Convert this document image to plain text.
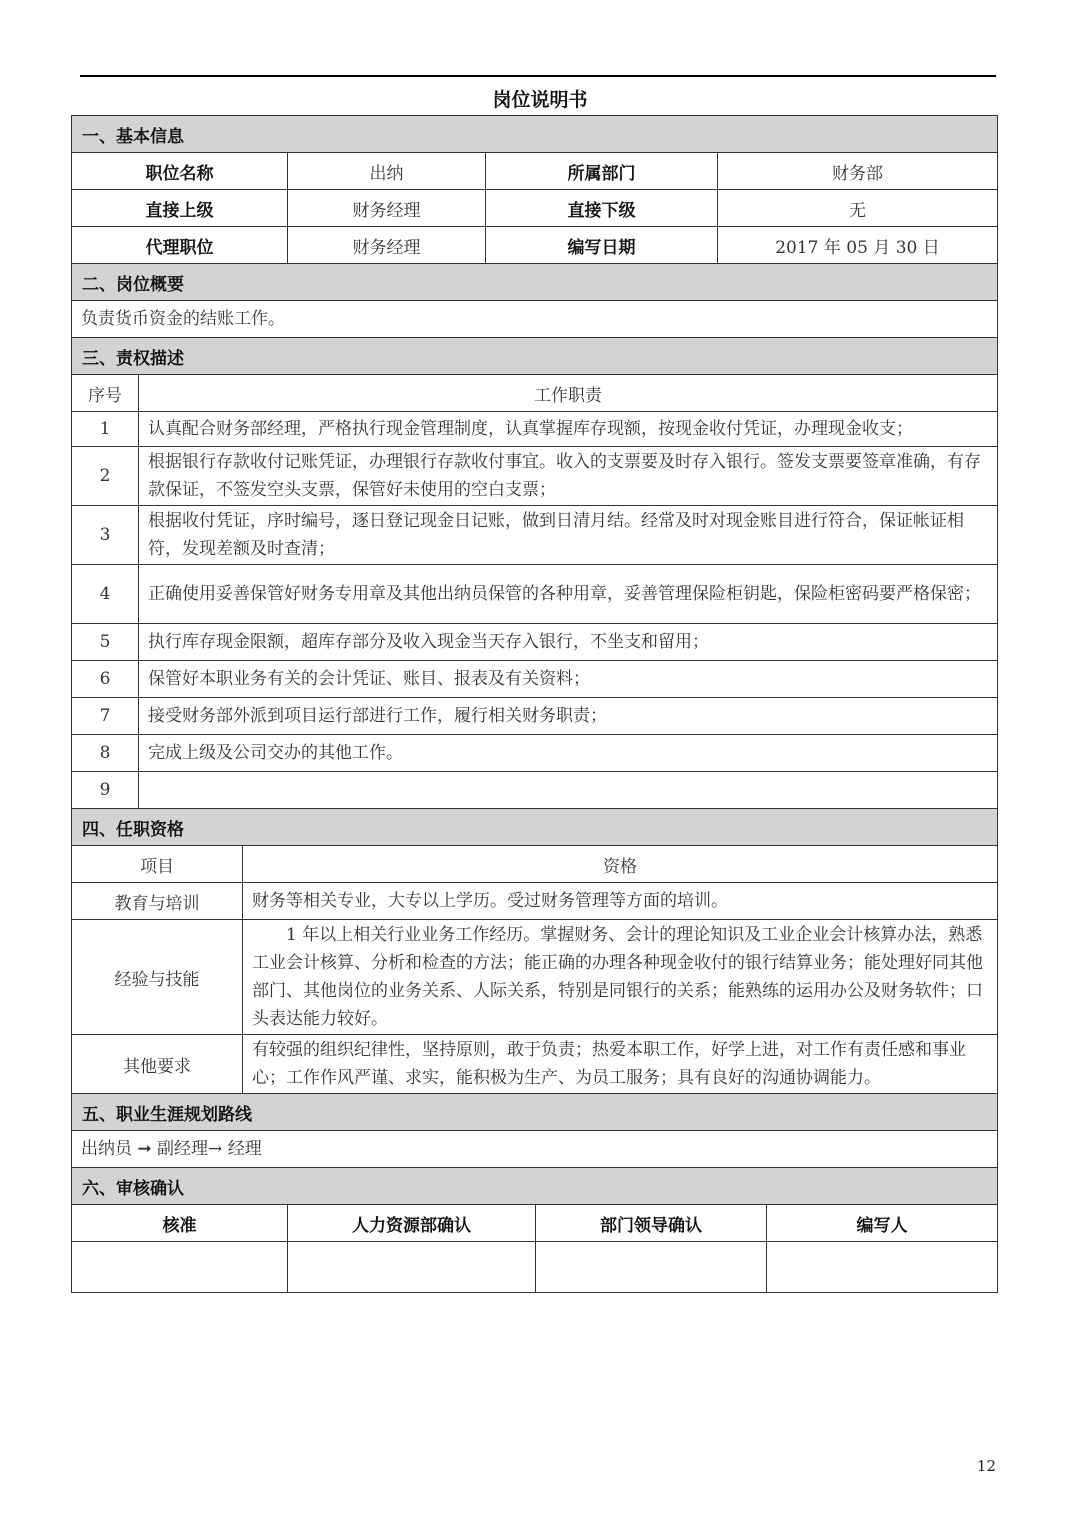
岗位说明书
一、基本信息							
职位名称			出纳	所属部门		财务部	
直接上级			财务经理	直接下级		无	
代理职位			财务经理	编写日期		2017 年 05 月 30 日	
二、岗位概要							
负责货币资金的结账工作。							
三、责权描述							
序号	工作职责						
1	认真配合财务部经理，严格执行现金管理制度，认真掌握库存现额，按现金收付凭证，办理现金收支；						
2	根据银行存款收付记账凭证，办理银行存款收付事宜。收入的支票要及时存入银行。签发支票要签章准确，有存款保证，不签发空头支票，保管好未使用的空白支票；						
3	根据收付凭证，序时编号，逐日登记现金日记账，做到日清月结。经常及时对现金账目进行符合，保证帐证相符，发现差额及时查清；						
4	正确使用妥善保管好财务专用章及其他出纳员保管的各种用章，妥善管理保险柜钥匙，保险柜密码要严格保密；						
5	执行库存现金限额，超库存部分及收入现金当天存入银行，不坐支和留用；						
6	保管好本职业务有关的会计凭证、账目、报表及有关资料；						
7	接受财务部外派到项目运行部进行工作，履行相关财务职责；						
8	完成上级及公司交办的其他工作。						
9							
四、任职资格							
项目		资格					
教育与培训		财务等相关专业，大专以上学历。受过财务管理等方面的培训。					
经验与技能		1 年以上相关行业业务工作经历。掌握财务、会计的理论知识及工业企业会计核算办法，熟悉工业会计核算、分析和检查的方法；能正确的办理各种现金收付的银行结算业务；能处理好同其他部门、其他岗位的业务关系、人际关系，特别是同银行的关系；能熟练的运用办公及财务软件；口头表达能力较好。					
其他要求		有较强的组织纪律性，坚持原则，敢于负责；热爱本职工作，好学上进，对工作有责任感和事业心；工作作风严谨、求实，能积极为生产、为员工服务；具有良好的沟通协调能力。					
五、职业生涯规划路线							
出纳员 ➞ 副经理→ 经理							
六、审核确认							
核准			人力资源部确认		部门领导确认		编写人

12
